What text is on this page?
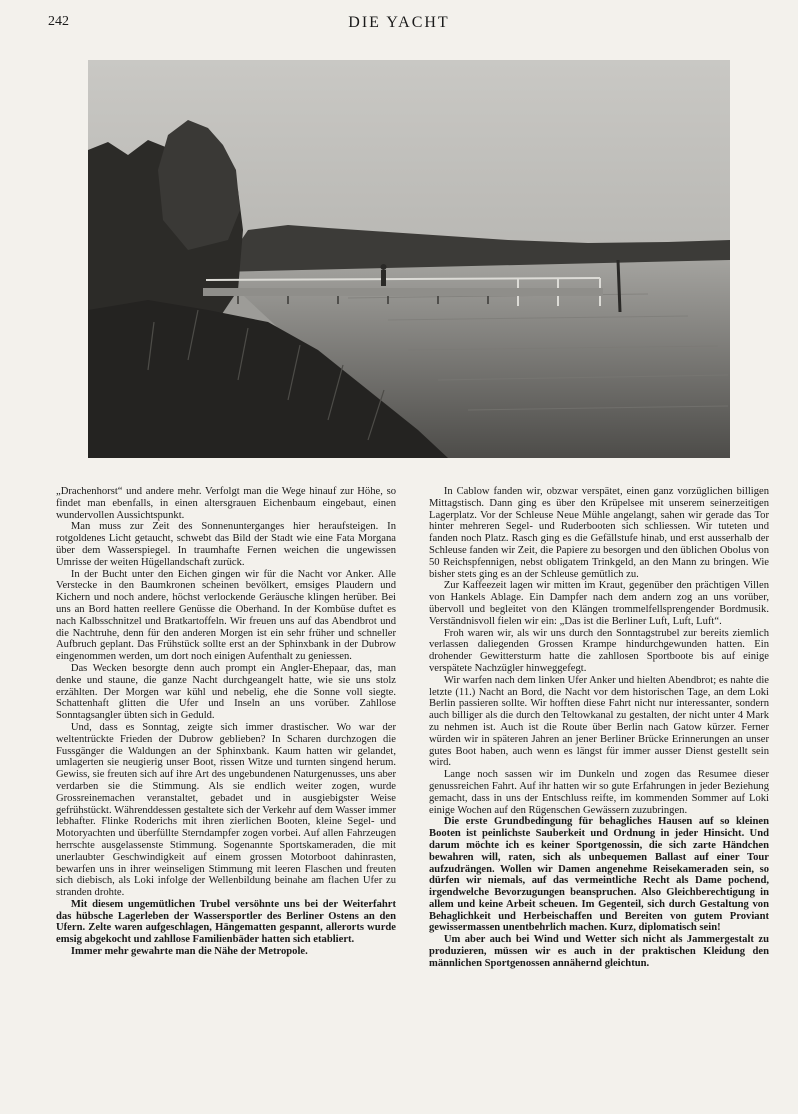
242	DIE YACHT

„Drachenhorst“ und andere mehr. Verfolgt man die Wege hinauf zur Höhe, so findet man ebenfalls, in einen altersgrauen Eichenbaum eingebaut, einen wundervollen Aussichtspunkt.

Man muss zur Zeit des Sonnenunterganges hier heraufsteigen. In rotgoldenes Licht getaucht, schwebt das Bild der Stadt wie eine Fata Morgana über dem Wasserspiegel. In traumhafte Fernen weichen die ungewissen Umrisse der weiten Hügellandschaft zurück.

In der Bucht unter den Eichen gingen wir für die Nacht vor Anker. Alle Verstecke in den Baumkronen scheinen bevölkert, emsiges Plaudern und Kichern und noch andere, höchst verlockende Geräusche klingen herüber. Bei uns an Bord hatten reellere Genüsse die Oberhand. In der Kombüse duftet es nach Kalbsschnitzel und Bratkartoffeln. Wir freuen uns auf das Abendbrot und die Nachtruhe, denn für den anderen Morgen ist ein sehr früher und schneller Aufbruch geplant. Das Frühstück sollte erst an der Sphinxbank in der Dubrow eingenommen werden, um dort noch einigen Aufenthalt zu geniessen.

Das Wecken besorgte denn auch prompt ein Angler-Ehepaar, das, man denke und staune, die ganze Nacht durchgeangelt hatte, wie sie uns stolz erzählten. Der Morgen war kühl und nebelig, ehe die Sonne voll siegte. Schattenhaft glitten die Ufer und Inseln an uns vorüber. Zahllose Sonntagsangler übten sich in Geduld.

Und, dass es Sonntag, zeigte sich immer drastischer. Wo war der weltentrückte Frieden der Dubrow geblieben? In Scharen durchzogen die Fussgänger die Waldungen an der Sphinxbank. Kaum hatten wir gelandet, umlagerten sie neugierig unser Boot, rissen Witze und turnten singend herum. Gewiss, sie freuten sich auf ihre Art des ungebundenen Naturgenusses, uns aber verdarben sie die Stimmung. Als sie endlich weiter zogen, wurde Grossreinemachen veranstaltet, gebadet und in ausgiebigster Weise gefrühstückt. Währenddessen gestaltete sich der Verkehr auf dem Wasser immer lebhafter. Flinke Roderichs mit ihren zierlichen Booten, kleine Segel- und Motoryachten und überfüllte Sterndampfer zogen vorbei. Auf allen Fahrzeugen herrschte ausgelassenste Stimmung. Sogenannte Sportskameraden, die mit unerlaubter Geschwindigkeit auf einem grossen Motorboot dahinrasten, bewarfen uns in ihrer weinseligen Stimmung mit leeren Flaschen und freuten sich diebisch, als Loki infolge der Wellenbildung beinahe am flachen Ufer zu stranden drohte.

Mit diesem ungemütlichen Trubel versöhnte uns bei der Weiterfahrt das hübsche Lagerleben der Wassersportler des Berliner Ostens an den Ufern. Zelte waren aufgeschlagen, Hängematten gespannt, allerorts wurde emsig abgekocht und zahllose Familienbäder hatten sich etabliert.

Immer mehr gewahrte man die Nähe der Metropole.

In Cablow fanden wir, obzwar verspätet, einen ganz vorzüglichen billigen Mittagstisch. Dann ging es über den Krüpelsee mit unserem seinerzeitigen Lagerplatz. Vor der Schleuse Neue Mühle angelangt, sahen wir gerade das Tor hinter mehreren Segel- und Ruderbooten sich schliessen. Wir tuteten und fanden noch Platz. Rasch ging es die Gefällstufe hinab, und erst ausserhalb der Schleuse fanden wir Zeit, die Papiere zu besorgen und den üblichen Obolus von 50 Reichspfennigen, nebst obligatem Trinkgeld, an den Mann zu bringen. Wie bisher stets ging es an der Schleuse gemütlich zu.

Zur Kaffeezeit lagen wir mitten im Kraut, gegenüber den prächtigen Villen von Hankels Ablage. Ein Dampfer nach dem andern zog an uns vorüber, übervoll und begleitet von den Klängen trommelfellsprengender Bordmusik. Verständnisvoll fielen wir ein: „Das ist die Berliner Luft, Luft, Luft“.

Froh waren wir, als wir uns durch den Sonntagstrubel zur bereits ziemlich verlassen daliegenden Grossen Krampe hindurchgewunden hatten. Ein drohender Gewittersturm hatte die zahllosen Sportboote bis auf einige verspätete Nachzügler hinweggefegt.

Wir warfen nach dem linken Ufer Anker und hielten Abendbrot; es nahte die letzte (11.) Nacht an Bord, die Nacht vor dem historischen Tage, an dem Loki Berlin passieren sollte. Wir hofften diese Fahrt nicht nur interessanter, sondern auch billiger als die durch den Teltowkanal zu gestalten, der nicht unter 4 Mark zu nehmen ist. Auch ist die Route über Berlin nach Gatow kürzer. Ferner würden wir in späteren Jahren an jener Berliner Brücke Erinnerungen an unser gutes Boot haben, auch wenn es längst für immer ausser Dienst gestellt sein wird.

Lange noch sassen wir im Dunkeln und zogen das Resumee dieser genussreichen Fahrt. Auf ihr hatten wir so gute Erfahrungen in jeder Beziehung gemacht, dass in uns der Entschluss reifte, im kommenden Sommer auf Loki einige Wochen auf den Rügenschen Gewässern zuzubringen.

Die erste Grundbedingung für behagliches Hausen auf so kleinen Booten ist peinlichste Sauberkeit und Ordnung in jeder Hinsicht. Und darum möchte ich es keiner Sportgenossin, die sich zarte Händchen bewahren will, raten, sich als unbequemen Ballast auf einer Tour aufzudrängen. Wollen wir Damen angenehme Reisekameraden sein, so dürfen wir niemals, auf das vermeintliche Recht als Dame pochend, irgendwelche Bevorzugungen beanspruchen. Also Gleichberechtigung in allem und keine Arbeit scheuen. Im Gegenteil, sich durch Gestaltung von Behaglichkeit und Herbeischaffen und Bereiten von gutem Proviant gewissermassen unentbehrlich machen. Kurz, diplomatisch sein!

Um aber auch bei Wind und Wetter sich nicht als Jammergestalt zu produzieren, müssen wir es auch in der praktischen Kleidung den männlichen Sportgenossen annähernd gleichtun.
